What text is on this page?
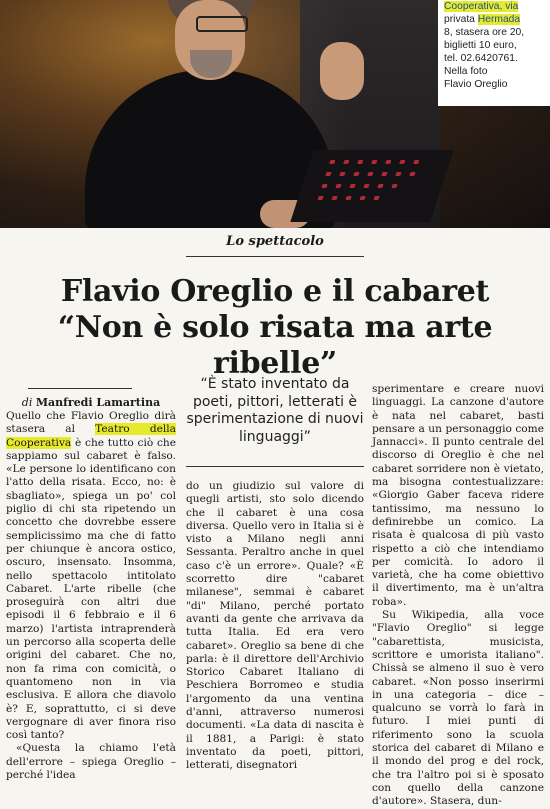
Cooperativa, via
privata Hermada
8, stasera ore 20,
biglietti 10 euro,
tel. 02.6420761.
Nella foto
Flavio Oreglio
Lo spettacolo
Flavio Oreglio e il cabaret
“Non è solo risata ma arte ribelle”
di Manfredi Lamartina

Quello che Flavio Oreglio dirà stasera al Teatro della Cooperativa è che tutto ciò che sappiamo sul cabaret è falso. «Le persone lo identificano con l'atto della risata. Ecco, no: è sbagliato», spiega un po' col piglio di chi sta ripetendo un concetto che dovrebbe essere semplicissimo ma che di fatto per chiunque è ancora ostico, oscuro, insensato. Insomma, nello spettacolo intitolato Cabaret. L'arte ribelle (che proseguirà con altri due episodi il 6 febbraio e il 6 marzo) l'artista intraprenderà un percorso alla scoperta delle origini del cabaret. Che no, non fa rima con comicità, o quantomeno non in via esclusiva. E allora che diavolo è? E, soprattutto, ci si deve vergognare di aver finora riso così tanto?

«Questa la chiamo l'età dell'errore – spiega Oreglio – perché l'idea

“È stato inventato da poeti, pittori, letterati è sperimentazione di nuovi linguaggi”

do un giudizio sul valore di quegli artisti, sto solo dicendo che il cabaret è una cosa diversa. Quello vero in Italia si è visto a Milano negli anni Sessanta. Peraltro anche in quel caso c'è un errore». Quale? «È scorretto dire "cabaret milanese", semmai è cabaret "di" Milano, perché portato avanti da gente che arrivava da tutta Italia. Ed era vero cabaret». Oreglio sa bene di che parla: è il direttore dell'Archivio Storico Cabaret Italiano di Peschiera Borromeo e studia l'argomento da una ventina d'anni, attraverso numerosi documenti. «La data di nascita è il 1881, a Parigi: è stato inventato da poeti, pittori, letterati, disegnatori

sperimentare e creare nuovi linguaggi. La canzone d'autore è nata nel cabaret, basti pensare a un personaggio come Jannacci». Il punto centrale del discorso di Oreglio è che nel cabaret sorridere non è vietato, ma bisogna contestualizzare: «Giorgio Gaber faceva ridere tantissimo, ma nessuno lo definirebbe un comico. La risata è qualcosa di più vasto rispetto a ciò che intendiamo per comicità. Io adoro il varietà, che ha come obiettivo il divertimento, ma è un'altra roba».

Su Wikipedia, alla voce "Flavio Oreglio" si legge "cabarettista, musicista, scrittore e umorista italiano". Chissà se almeno il suo è vero cabaret. «Non posso inserirmi in una categoria – dice – qualcuno se vorrà lo farà in futuro. I miei punti di riferimento sono la scuola storica del cabaret di Milano e il mondo del prog e del rock, che tra l'altro poi si è sposato con quello della canzone d'autore». Stasera, dun-
